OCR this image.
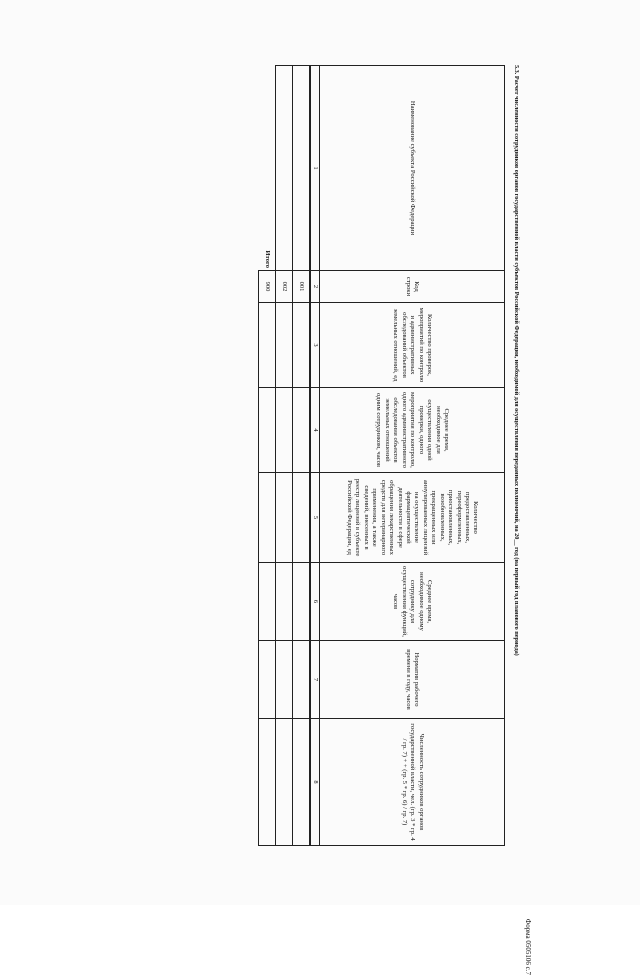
Форма 0505106 с.7
5.3. Расчет численности сотрудников органов государственной власти субъектов Российской Федерации, необходимой для осуществления переданных полномочий, на 20__ год (на первый год планового периода)
Наименование субъекта Российской Федерации	Код строки	Количество проверок, мероприятий по контролю и административных обследований объектов земельных отношений, ед	Среднее время, необходимое для осуществления одной проверки, одного мероприятия по контролю, одного административного обследования объектов земельных отношений одним сотрудником, часов	Количество предоставленных, переоформленных, приостановленных, возобновленных, прекращенных или аннулированных лицензий на осуществление фармацевтической деятельности в сфере обращения лекарственных средств для ветеринарного применения, а также сведений, внесенных в реестр лицензий в субъекте Российской Федерации, ед	Среднее время, необходимое одному сотруднику для осуществления функций, часов	Норматив рабочего времени в году, часов	Численность сотрудников органов государственной власти, чел. (гр. 3 * гр. 4 / гр. 7) + + (гр. 5 * гр. 6) / гр. 7)
1	2	3	4	5	6	7	8
	001						
	002						
Итого	900						
